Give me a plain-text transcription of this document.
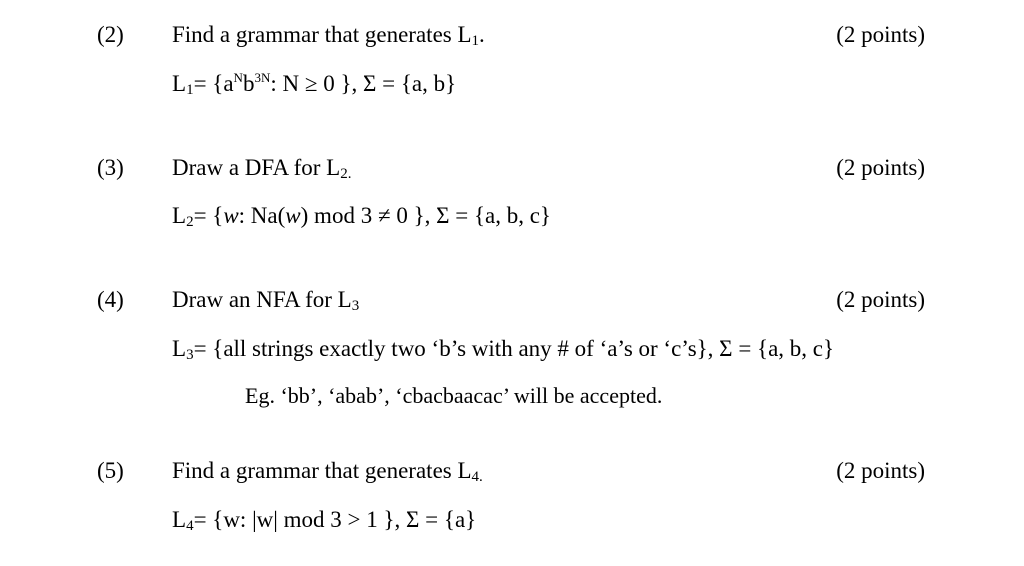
(2) Find a grammar that generates $L_1$.	(2 points)
$L_1= \{a^Nb^{3N}$: N ≥ 0 }, Σ = {a, b}
(3) Draw a DFA for $L_{2.}$	(2 points)
$L_2= \{w$: Na(w) mod 3 ≠ 0 }, Σ = {a, b, c}
(4) Draw an NFA for $L_3$	(2 points)
$L_3= \{all$ strings exactly two ‘b’s with any # of ‘a’s or ‘c’s}, Σ = {a, b, c}
Eg. ‘bb’, ‘abab’, ‘cbacbaacac’ will be accepted.
(5) Find a grammar that generates $L_{4.}$	(2 points)
$L_4= \{w$: |w| mod 3 > 1 }, Σ = {a}
